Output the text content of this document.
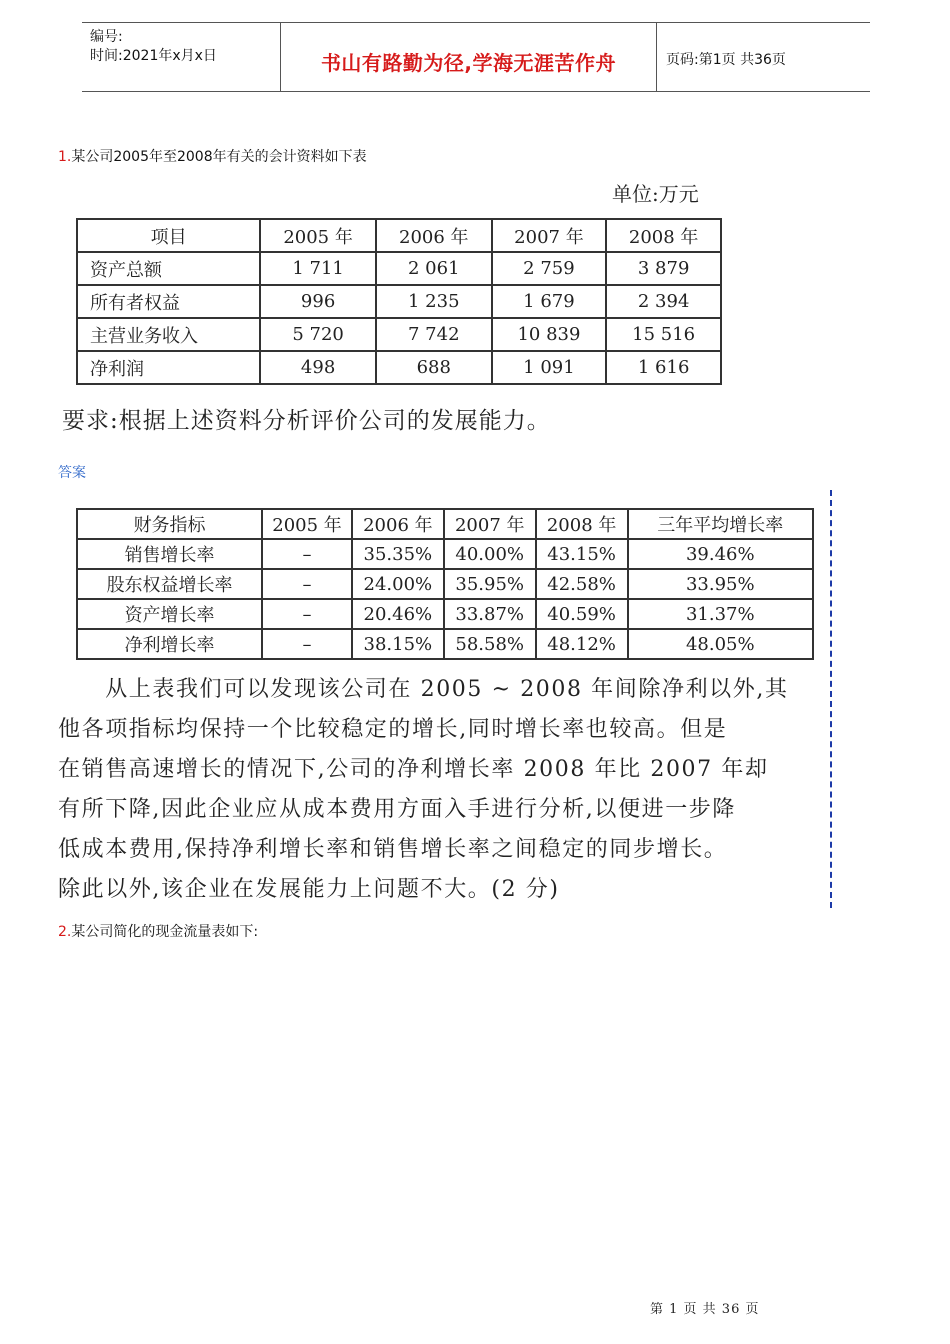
编号:
时间:2021年x月x日	书山有路勤为径,学海无涯苦作舟	页码:第1页 共36页
1.某公司2005年至2008年有关的会计资料如下表
单位:万元
项目	2005 年	2006 年	2007 年	2008 年
资产总额	1 711	2 061	2 759	3 879
所有者权益	996	1 235	1 679	2 394
主营业务收入	5 720	7 742	10 839	15 516
净利润	498	688	1 091	1 616
要求:根据上述资料分析评价公司的发展能力。
答案
财务指标	2005 年	2006 年	2007 年	2008 年	三年平均增长率
销售增长率	–	35.35%	40.00%	43.15%	39.46%
股东权益增长率	–	24.00%	35.95%	42.58%	33.95%
资产增长率	–	20.46%	33.87%	40.59%	31.37%
净利增长率	–	38.15%	58.58%	48.12%	48.05%

　　从上表我们可以发现该公司在 2005 ~ 2008 年间除净利以外,其

他各项指标均保持一个比较稳定的增长,同时增长率也较高。但是

在销售高速增长的情况下,公司的净利增长率 2008 年比 2007 年却

有所下降,因此企业应从成本费用方面入手进行分析,以便进一步降

低成本费用,保持净利增长率和销售增长率之间稳定的同步增长。

除此以外,该企业在发展能力上问题不大。(2 分)

2.某公司简化的现金流量表如下:
第 1 页 共 36 页
